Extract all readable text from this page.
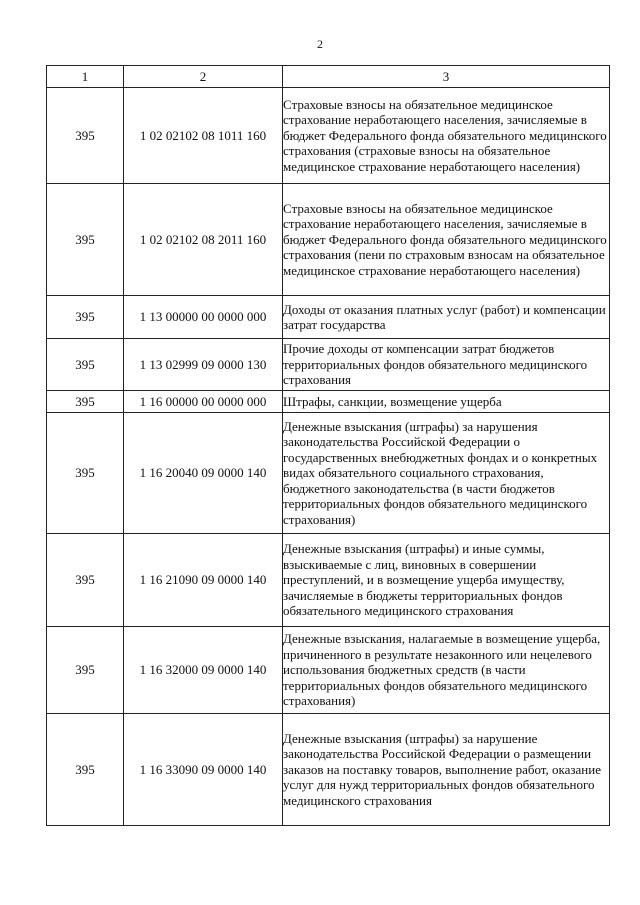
2
1	2	3
395	1 02 02102 08 1011 160	Страховые взносы на обязательное медицинское страхование неработающего населения, зачисляемые в бюджет Федерального фонда обязательного медицинского страхования (страховые взносы на обязательное медицинское страхование неработающего населения)
395	1 02 02102 08 2011 160	Страховые взносы на обязательное медицинское страхование неработающего населения, зачисляемые в бюджет Федерального фонда обязательного медицинского страхования (пени по страховым взносам на обязательное медицинское страхование неработающего населения)
395	1 13 00000 00 0000 000	Доходы от оказания платных услуг (работ) и компенсации затрат государства
395	1 13 02999 09 0000 130	Прочие доходы от компенсации затрат бюджетов территориальных фондов обязательного медицинского страхования
395	1 16 00000 00 0000 000	Штрафы, санкции, возмещение ущерба
395	1 16 20040 09 0000 140	Денежные взыскания (штрафы) за нарушения законодательства Российской Федерации о государственных внебюджетных фондах и о конкретных видах обязательного социального страхования, бюджетного законодательства (в части бюджетов территориальных фондов обязательного медицинского страхования)
395	1 16 21090 09 0000 140	Денежные взыскания (штрафы) и иные суммы, взыскиваемые с лиц, виновных в совершении преступлений, и в возмещение ущерба имуществу, зачисляемые в бюджеты территориальных фондов обязательного медицинского страхования
395	1 16 32000 09 0000 140	Денежные взыскания, налагаемые в возмещение ущерба, причиненного в результате незаконного или нецелевого использования бюджетных средств (в части территориальных фондов обязательного медицинского страхования)
395	1 16 33090 09 0000 140	Денежные взыскания (штрафы) за нарушение законодательства Российской Федерации о размещении заказов на поставку товаров, выполнение работ, оказание услуг для нужд территориальных фондов обязательного медицинского страхования
